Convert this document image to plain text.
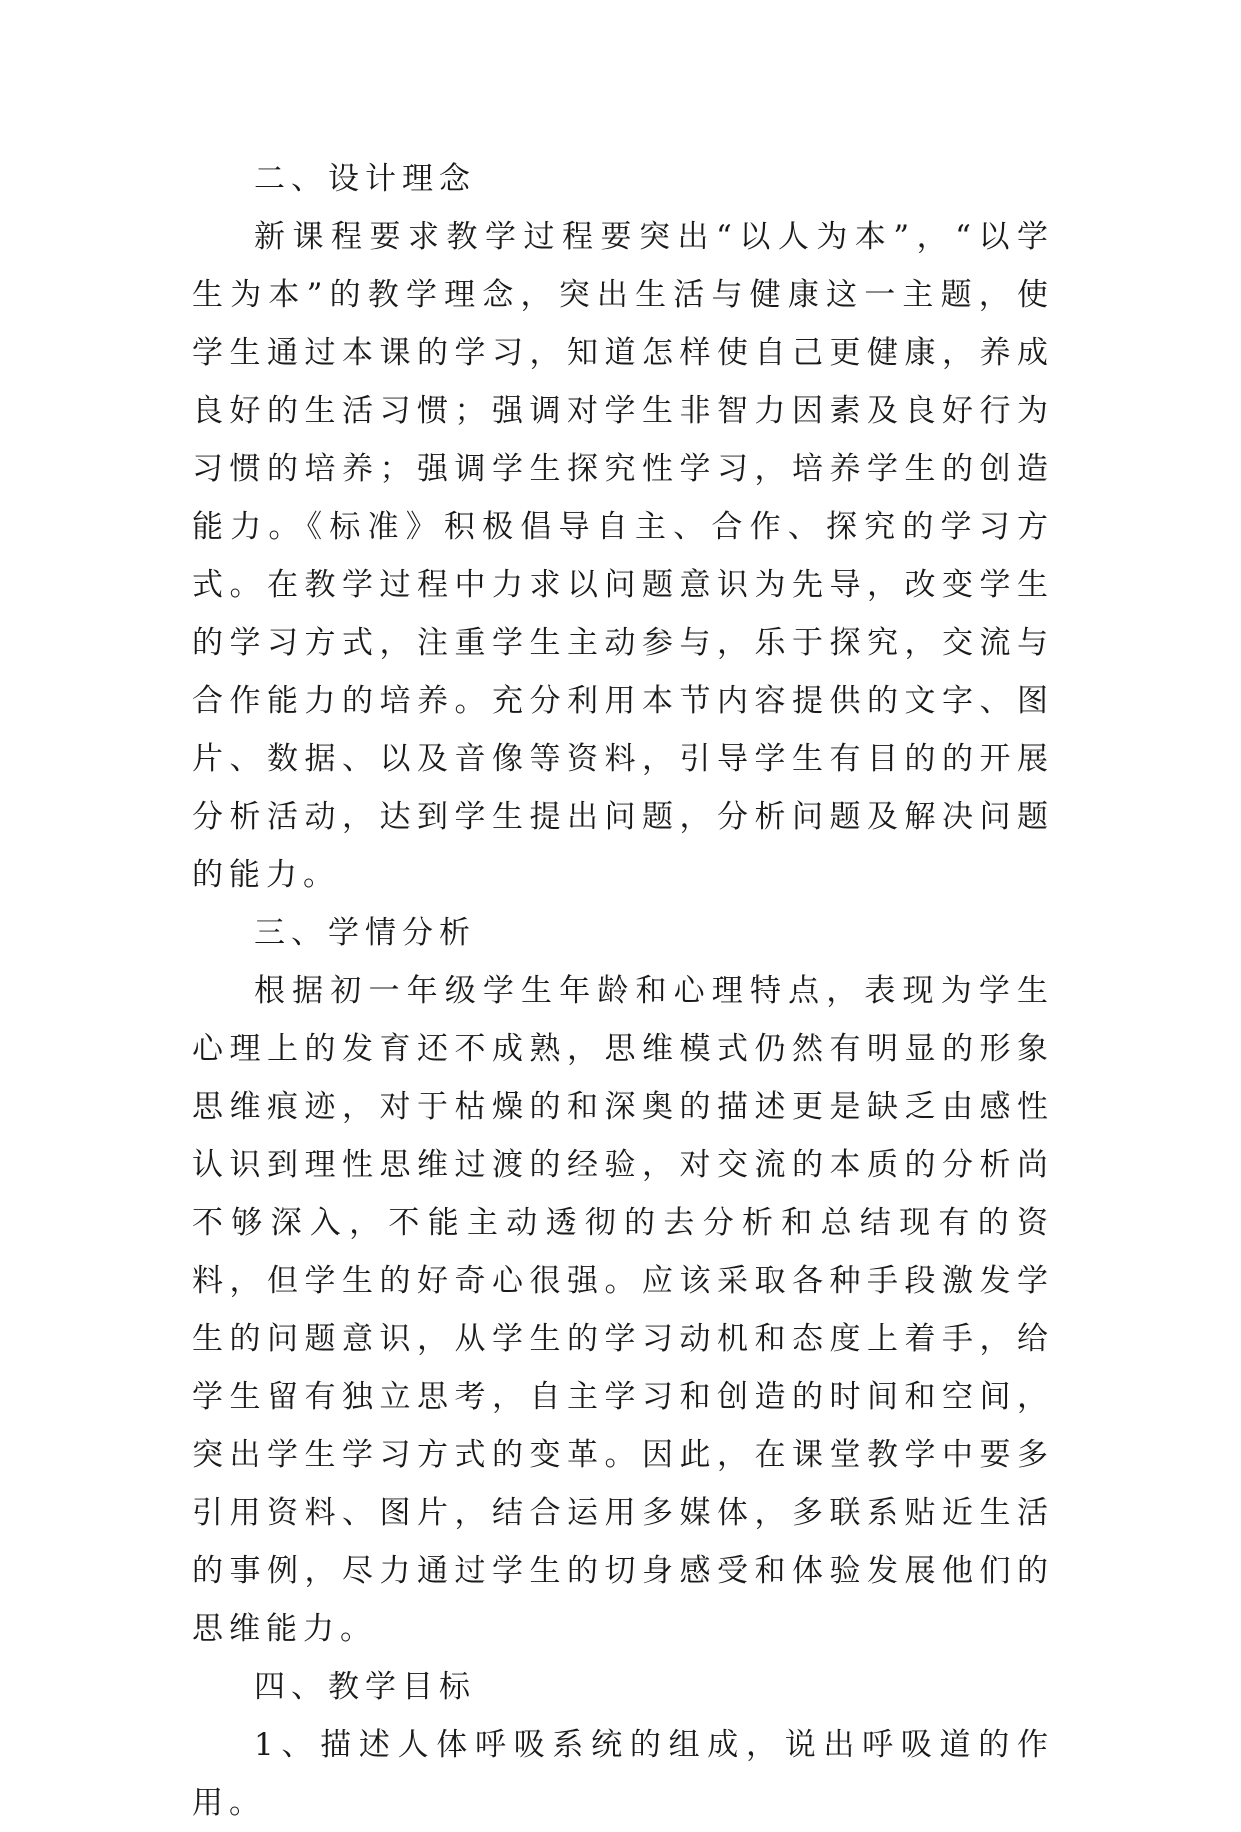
二、设计理念

新课程要求教学过程要突出“以人为本”，“以学生为本”的教学理念，突出生活与健康这一主题，使学生通过本课的学习，知道怎样使自己更健康，养成良好的生活习惯；强调对学生非智力因素及良好行为习惯的培养；强调学生探究性学习，培养学生的创造能力。《标准》积极倡导自主、合作、探究的学习方式。在教学过程中力求以问题意识为先导，改变学生的学习方式，注重学生主动参与，乐于探究，交流与合作能力的培养。充分利用本节内容提供的文字、图片、数据、以及音像等资料，引导学生有目的的开展分析活动，达到学生提出问题，分析问题及解决问题的能力。

三、学情分析

根据初一年级学生年龄和心理特点，表现为学生心理上的发育还不成熟，思维模式仍然有明显的形象思维痕迹，对于枯燥的和深奥的描述更是缺乏由感性认识到理性思维过渡的经验，对交流的本质的分析尚不够深入，不能主动透彻的去分析和总结现有的资料，但学生的好奇心很强。应该采取各种手段激发学生的问题意识，从学生的学习动机和态度上着手，给学生留有独立思考，自主学习和创造的时间和空间，突出学生学习方式的变革。因此，在课堂教学中要多引用资料、图片，结合运用多媒体，多联系贴近生活的事例，尽力通过学生的切身感受和体验发展他们的思维能力。

四、教学目标

1、描述人体呼吸系统的组成，说出呼吸道的作用。
